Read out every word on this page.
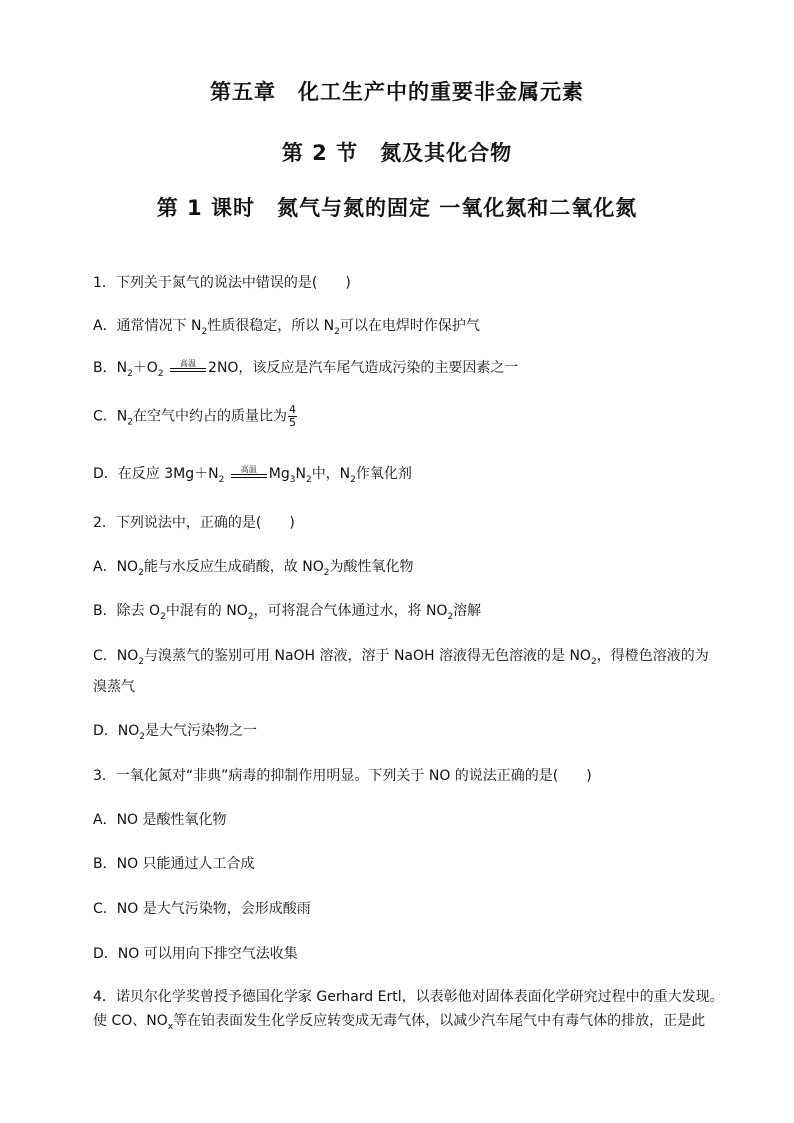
第五章　化工生产中的重要非金属元素
第 2 节　氮及其化合物
第 1 课时　氮气与氮的固定 一氧化氮和二氧化氮
1．下列关于氮气的说法中错误的是(　　)
A．通常情况下 $N_2$性质很稳定，所以 $N_2$可以在电焊时作保护气
B．$N_2+O_2$
高温 2NO，该反应是汽车尾气造成污染的主要因素之一
C．$N_2$在空气中约占的质量比为 $\frac{4}{5}$
D．在反应 $3Mg+N_2$
高温 $Mg_3N_2$中，$N_2$作氧化剂
2．下列说法中，正确的是(　　)
A．$NO_2$能与水反应生成硝酸，故 $NO_2$为酸性氧化物
B．除去 $O_2$中混有的 $NO_2$，可将混合气体通过水，将 $NO_2$溶解
C．$NO_2$与溴蒸气的鉴别可用 NaOH 溶液，溶于 NaOH 溶液得无色溶液的是 $NO_2$，得橙色溶液的为
溴蒸气
D．$NO_2$是大气污染物之一
3．一氧化氮对“非典”病毒的抑制作用明显。下列关于 NO 的说法正确的是(　　)
A．NO 是酸性氧化物
B．NO 只能通过人工合成
C．NO 是大气污染物，会形成酸雨
D．NO 可以用向下排空气法收集
4．诺贝尔化学奖曾授予德国化学家 Gerhard Ertl，以表彰他对固体表面化学研究过程中的重大发现。
使 CO、$NO_x$等在铂表面发生化学反应转变成无毒气体，以减少汽车尾气中有毒气体的排放，正是此
